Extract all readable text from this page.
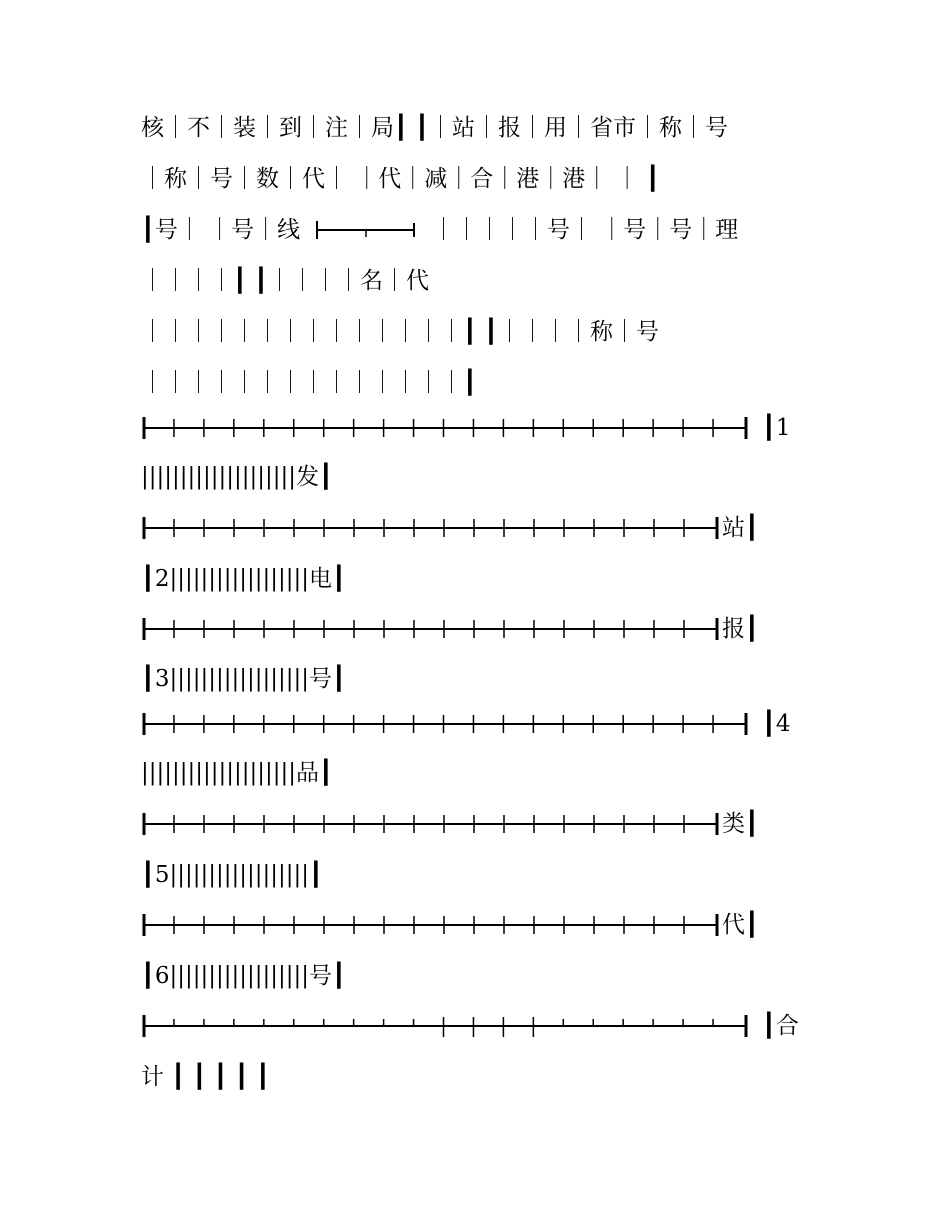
核｜不｜装｜到｜注｜局┃ ┃｜站｜报｜用｜省市｜称｜号
｜称｜号｜数｜代｜ ｜代｜减｜合｜港｜港｜ ｜ ┃
┃号｜ ｜号｜线	｜｜｜｜｜号｜ ｜号｜号｜理
｜｜｜｜┃ ┃｜｜｜｜名｜代
｜｜｜｜｜｜｜｜｜｜｜｜｜｜┃ ┃｜｜｜｜称｜号
｜｜｜｜｜｜｜｜｜｜｜｜｜｜┃
┃1
||||||||||||||||||||发┃
站┃
┃2||||||||||||||||||电┃
报┃
┃3||||||||||||||||||号┃
┃4
||||||||||||||||||||品┃
类┃
┃5||||||||||||||||||┃
代┃
┃6||||||||||||||||||号┃
┃合
计 ┃ ┃ ┃ ┃ ┃
